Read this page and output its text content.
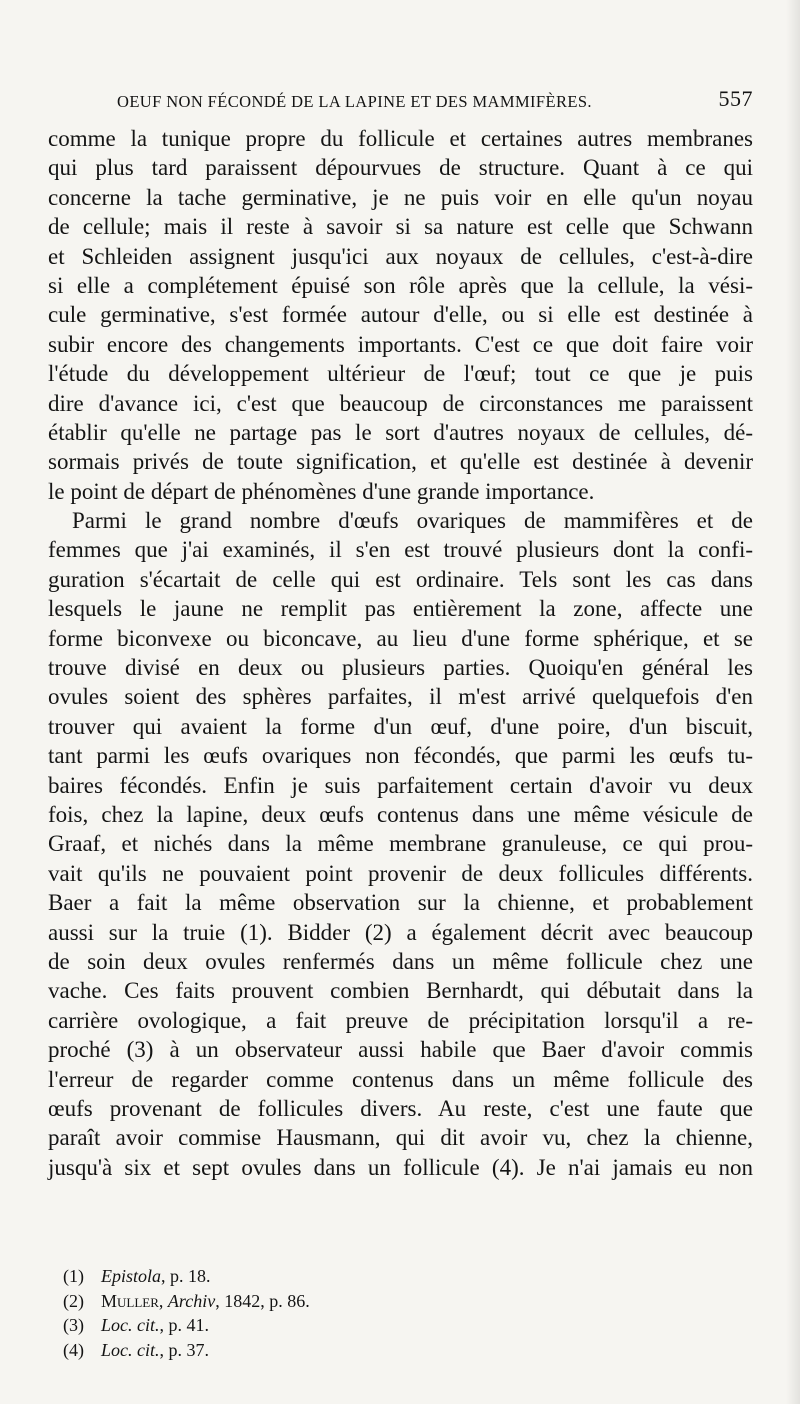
OEUF NON FÉCONDÉ DE LA LAPINE ET DES MAMMIFÈRES.	557
comme la tunique propre du follicule et certaines autres membranes
qui plus tard paraissent dépourvues de structure. Quant à ce qui
concerne la tache germinative, je ne puis voir en elle qu'un noyau
de cellule; mais il reste à savoir si sa nature est celle que Schwann
et Schleiden assignent jusqu'ici aux noyaux de cellules, c'est-à-dire
si elle a complétement épuisé son rôle après que la cellule, la vési-
cule germinative, s'est formée autour d'elle, ou si elle est destinée à
subir encore des changements importants. C'est ce que doit faire voir
l'étude du développement ultérieur de l'œuf; tout ce que je puis
dire d'avance ici, c'est que beaucoup de circonstances me paraissent
établir qu'elle ne partage pas le sort d'autres noyaux de cellules, dé-
sormais privés de toute signification, et qu'elle est destinée à devenir
le point de départ de phénomènes d'une grande importance.
Parmi le grand nombre d'œufs ovariques de mammifères et de
femmes que j'ai examinés, il s'en est trouvé plusieurs dont la confi-
guration s'écartait de celle qui est ordinaire. Tels sont les cas dans
lesquels le jaune ne remplit pas entièrement la zone, affecte une
forme biconvexe ou biconcave, au lieu d'une forme sphérique, et se
trouve divisé en deux ou plusieurs parties. Quoiqu'en général les
ovules soient des sphères parfaites, il m'est arrivé quelquefois d'en
trouver qui avaient la forme d'un œuf, d'une poire, d'un biscuit,
tant parmi les œufs ovariques non fécondés, que parmi les œufs tu-
baires fécondés. Enfin je suis parfaitement certain d'avoir vu deux
fois, chez la lapine, deux œufs contenus dans une même vésicule de
Graaf, et nichés dans la même membrane granuleuse, ce qui prou-
vait qu'ils ne pouvaient point provenir de deux follicules différents.
Baer a fait la même observation sur la chienne, et probablement
aussi sur la truie (1). Bidder (2) a également décrit avec beaucoup
de soin deux ovules renfermés dans un même follicule chez une
vache. Ces faits prouvent combien Bernhardt, qui débutait dans la
carrière ovologique, a fait preuve de précipitation lorsqu'il a re-
proché (3) à un observateur aussi habile que Baer d'avoir commis
l'erreur de regarder comme contenus dans un même follicule des
œufs provenant de follicules divers. Au reste, c'est une faute que
paraît avoir commise Hausmann, qui dit avoir vu, chez la chienne,
jusqu'à six et sept ovules dans un follicule (4). Je n'ai jamais eu non
(1) Epistola, p. 18.
(2) Muller, Archiv, 1842, p. 86.
(3) Loc. cit., p. 41.
(4) Loc. cit., p. 37.
